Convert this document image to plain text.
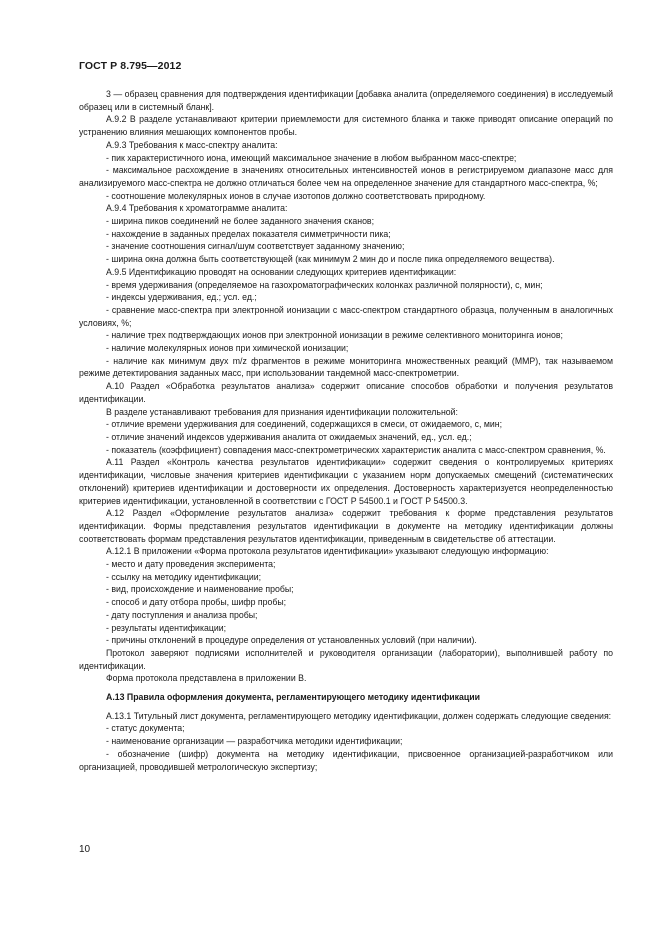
ГОСТ Р 8.795—2012

3 — образец сравнения для подтверждения идентификации [добавка аналита (определяемого соединения) в исследуемый образец или в системный бланк].

А.9.2 В разделе устанавливают критерии приемлемости для системного бланка и также приводят описание операций по устранению влияния мешающих компонентов пробы.

А.9.3 Требования к масс-спектру аналита:

- пик характеристичного иона, имеющий максимальное значение в любом выбранном масс-спектре;

- максимальное расхождение в значениях относительных интенсивностей ионов в регистрируемом диапазоне масс для анализируемого масс-спектра не должно отличаться более чем на определенное значение для стандартного масс-спектра, %;

- соотношение молекулярных ионов в случае изотопов должно соответствовать природному.

А.9.4 Требования к хроматограмме аналита:

- ширина пиков соединений не более заданного значения сканов;

- нахождение в заданных пределах показателя симметричности пика;

- значение соотношения сигнал/шум соответствует заданному значению;

- ширина окна должна быть соответствующей (как минимум 2 мин до и после пика определяемого вещества).

А.9.5 Идентификацию проводят на основании следующих критериев идентификации:

- время удерживания (определяемое на газохроматографических колонках различной полярности), с, мин;

- индексы удерживания, ед.; усл. ед.;

- сравнение масс-спектра при электронной ионизации с масс-спектром стандартного образца, полученным в аналогичных условиях, %;

- наличие трех подтверждающих ионов при электронной ионизации в режиме селективного мониторинга ионов;

- наличие молекулярных ионов при химической ионизации;

- наличие как минимум двух m/z фрагментов в режиме мониторинга множественных реакций (ММР), так называемом режиме детектирования заданных масс, при использовании тандемной масс-спектрометрии.

А.10 Раздел «Обработка результатов анализа» содержит описание способов обработки и получения результатов идентификации.

В разделе устанавливают требования для признания идентификации положительной:

- отличие времени удерживания для соединений, содержащихся в смеси, от ожидаемого, с, мин;

- отличие значений индексов удерживания аналита от ожидаемых значений, ед., усл. ед.;

- показатель (коэффициент) совпадения масс-спектрометрических характеристик аналита с масс-спектром сравнения, %.

А.11 Раздел «Контроль качества результатов идентификации» содержит сведения о контролируемых критериях идентификации, числовые значения критериев идентификации с указанием норм допускаемых смещений (систематических отклонений) критериев идентификации и достоверности их определения. Достоверность характеризуется неопределенностью критериев идентификации, установленной в соответствии с ГОСТ Р 54500.1 и ГОСТ Р 54500.3.

А.12 Раздел «Оформление результатов анализа» содержит требования к форме представления результатов идентификации. Формы представления результатов идентификации в документе на методику идентификации должны соответствовать формам представления результатов идентификации, приведенным в свидетельстве об аттестации.

А.12.1 В приложении «Форма протокола результатов идентификации» указывают следующую информацию:

- место и дату проведения эксперимента;

- ссылку на методику идентификации;

- вид, происхождение и наименование пробы;

- способ и дату отбора пробы, шифр пробы;

- дату поступления и анализа пробы;

- результаты идентификации;

- причины отклонений в процедуре определения от установленных условий (при наличии).

Протокол заверяют подписями исполнителей и руководителя организации (лаборатории), выполнившей работу по идентификации.

Форма протокола представлена в приложении В.

А.13 Правила оформления документа, регламентирующего методику идентификации

А.13.1 Титульный лист документа, регламентирующего методику идентификации, должен содержать следующие сведения:

- статус документа;

- наименование организации — разработчика методики идентификации;

- обозначение (шифр) документа на методику идентификации, присвоенное организацией-разработчиком или организацией, проводившей метрологическую экспертизу;

10
